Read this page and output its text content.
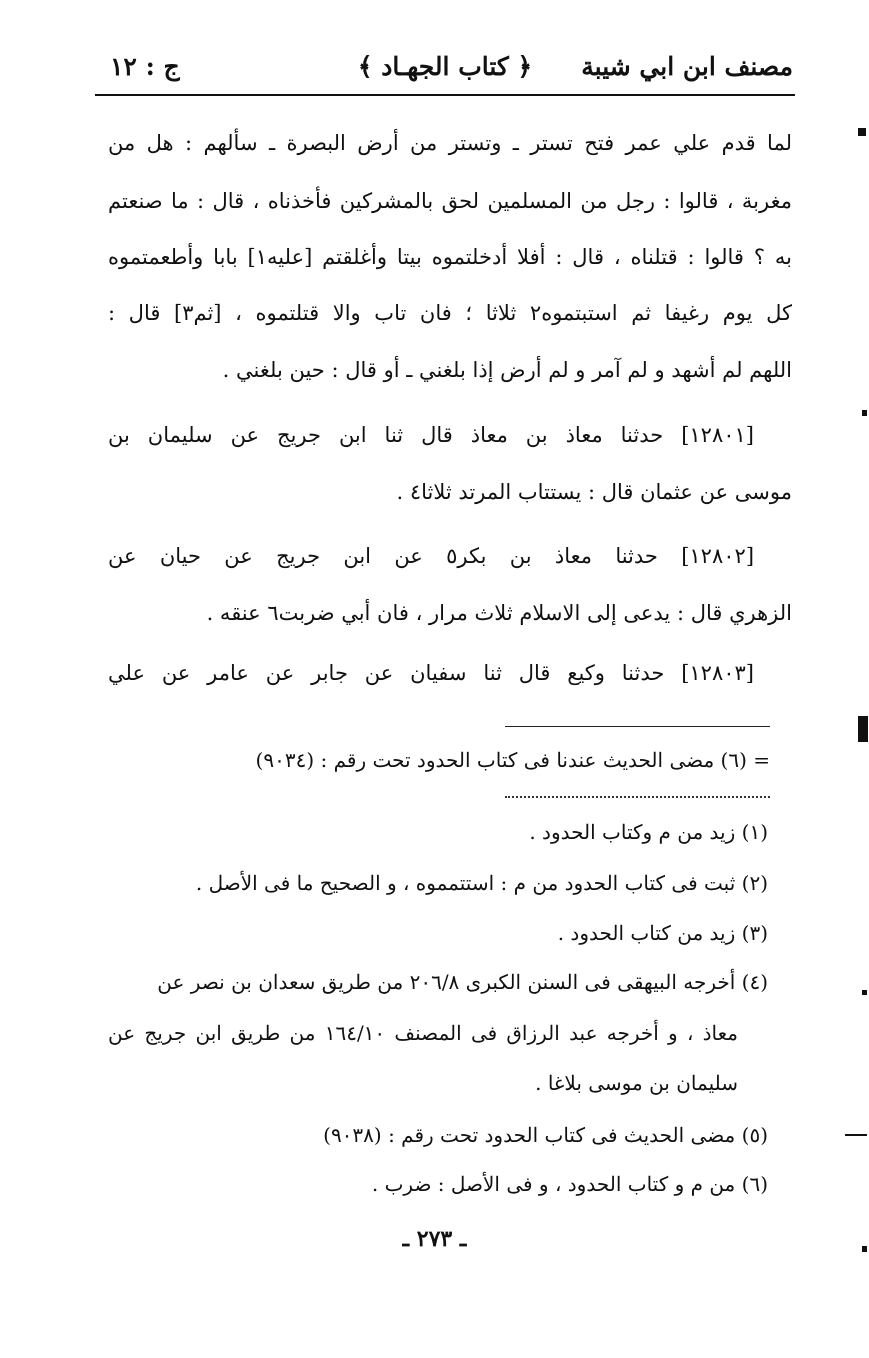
مصنف ابن ابي شيبة
﴿ كتاب الجهـاد ﴾
ج : ١٢
لما قدم علي عمر فتح تستر ـ وتستر من أرض البصرة ـ سألهم : هل من
مغربة ، قالوا : رجل من المسلمين لحق بالمشركين فأخذناه ، قال : ما صنعتم
به ؟ قالوا : قتلناه ، قال : أفلا أدخلتموه بيتا وأغلقتم [عليه١] بابا وأطعمتموه
كل يوم رغيفا ثم استبتموه٢ ثلاثا ؛ فان تاب والا قتلتموه ، [ثم٣] قال :
اللهم لم أشهد و لم آمر و لم أرض إذا بلغني ـ أو قال : حين بلغني .
[١٢٨٠١] حدثنا معاذ بن معاذ قال ثنا ابن جريج عن سليمان بن
موسى عن عثمان قال : يستتاب المرتد ثلاثا٤ .
[١٢٨٠٢] حدثنا معاذ بن بكر٥ عن ابن جريج عن حيان عن
الزهري قال : يدعى إلى الاسلام ثلاث مرار ، فان أبي ضربت٦ عنقه .
[١٢٨٠٣] حدثنا وكيع قال ثنا سفيان عن جابر عن عامر عن علي
= (٦) مضى الحديث عندنا فى كتاب الحدود تحت رقم : (٩٠٣٤)
(١) زيد من م وكتاب الحدود .
(٢) ثبت فى كتاب الحدود من م : استتمموه ، و الصحيح ما فى الأصل .
(٣) زيد من كتاب الحدود .
(٤) أخرجه البيهقى فى السنن الكبرى ٢٠٦/٨ من طريق سعدان بن نصر عن
معاذ ، و أخرجه عبد الرزاق فى المصنف ١٦٤/١٠ من طريق ابن جريج عن
سليمان بن موسى بلاغا .
(٥) مضى الحديث فى كتاب الحدود تحت رقم : (٩٠٣٨)
(٦) من م و كتاب الحدود ، و فى الأصل : ضرب .
ـ ٢٧٣ ـ
